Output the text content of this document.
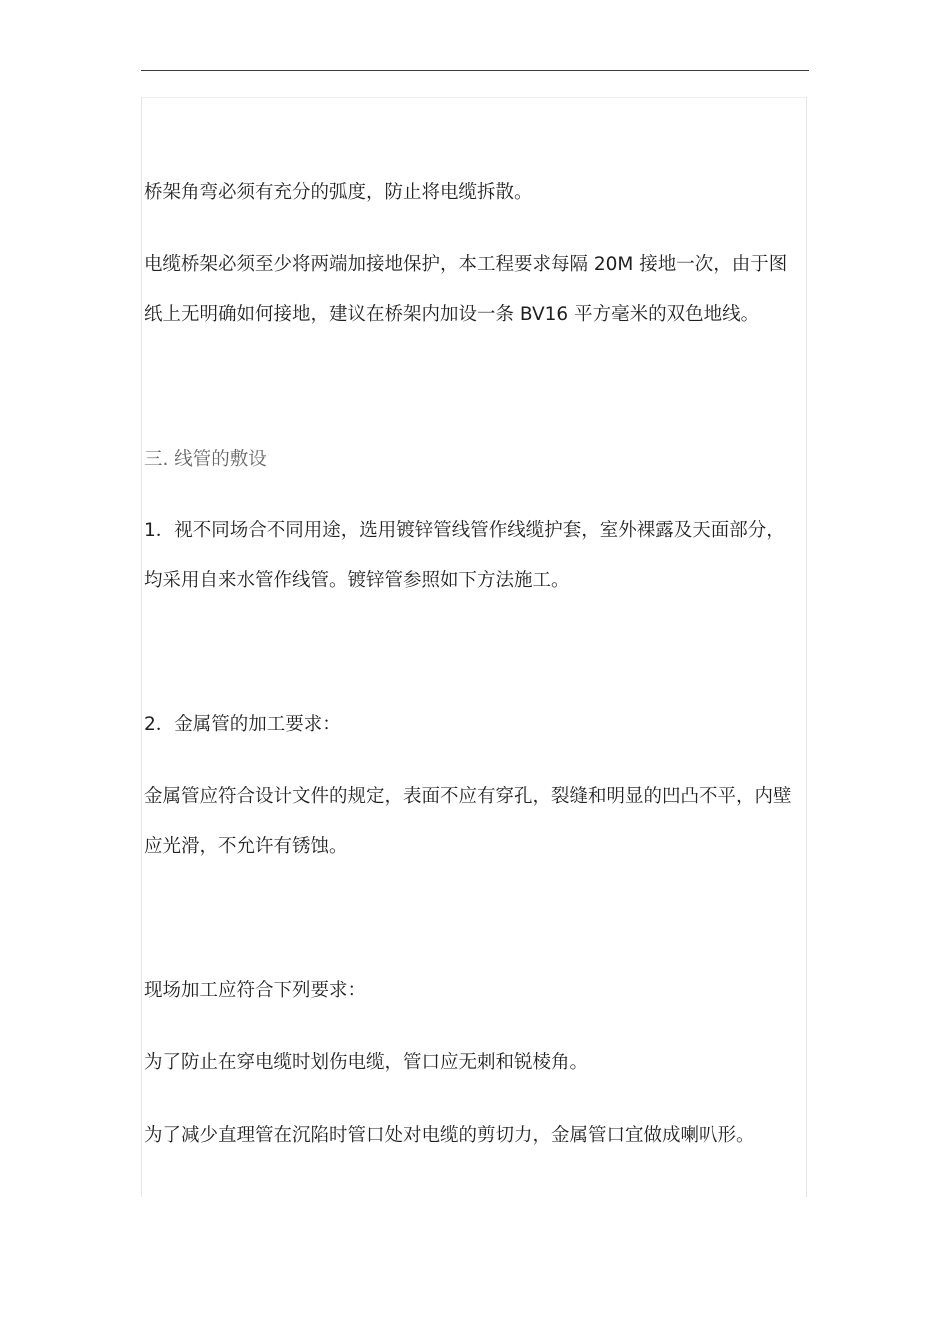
桥架角弯必须有充分的弧度，防止将电缆拆散。
电缆桥架必须至少将两端加接地保护，本工程要求每隔 20M 接地一次，由于图
纸上无明确如何接地，建议在桥架内加设一条 BV16 平方毫米的双色地线。
三. 线管的敷设
1．视不同场合不同用途，选用镀锌管线管作线缆护套，室外裸露及天面部分，
均采用自来水管作线管。镀锌管参照如下方法施工。
2．金属管的加工要求：
金属管应符合设计文件的规定，表面不应有穿孔，裂缝和明显的凹凸不平，内壁
应光滑，不允许有锈蚀。
现场加工应符合下列要求：
为了防止在穿电缆时划伤电缆，管口应无刺和锐棱角。
为了减少直理管在沉陷时管口处对电缆的剪切力，金属管口宜做成喇叭形。
